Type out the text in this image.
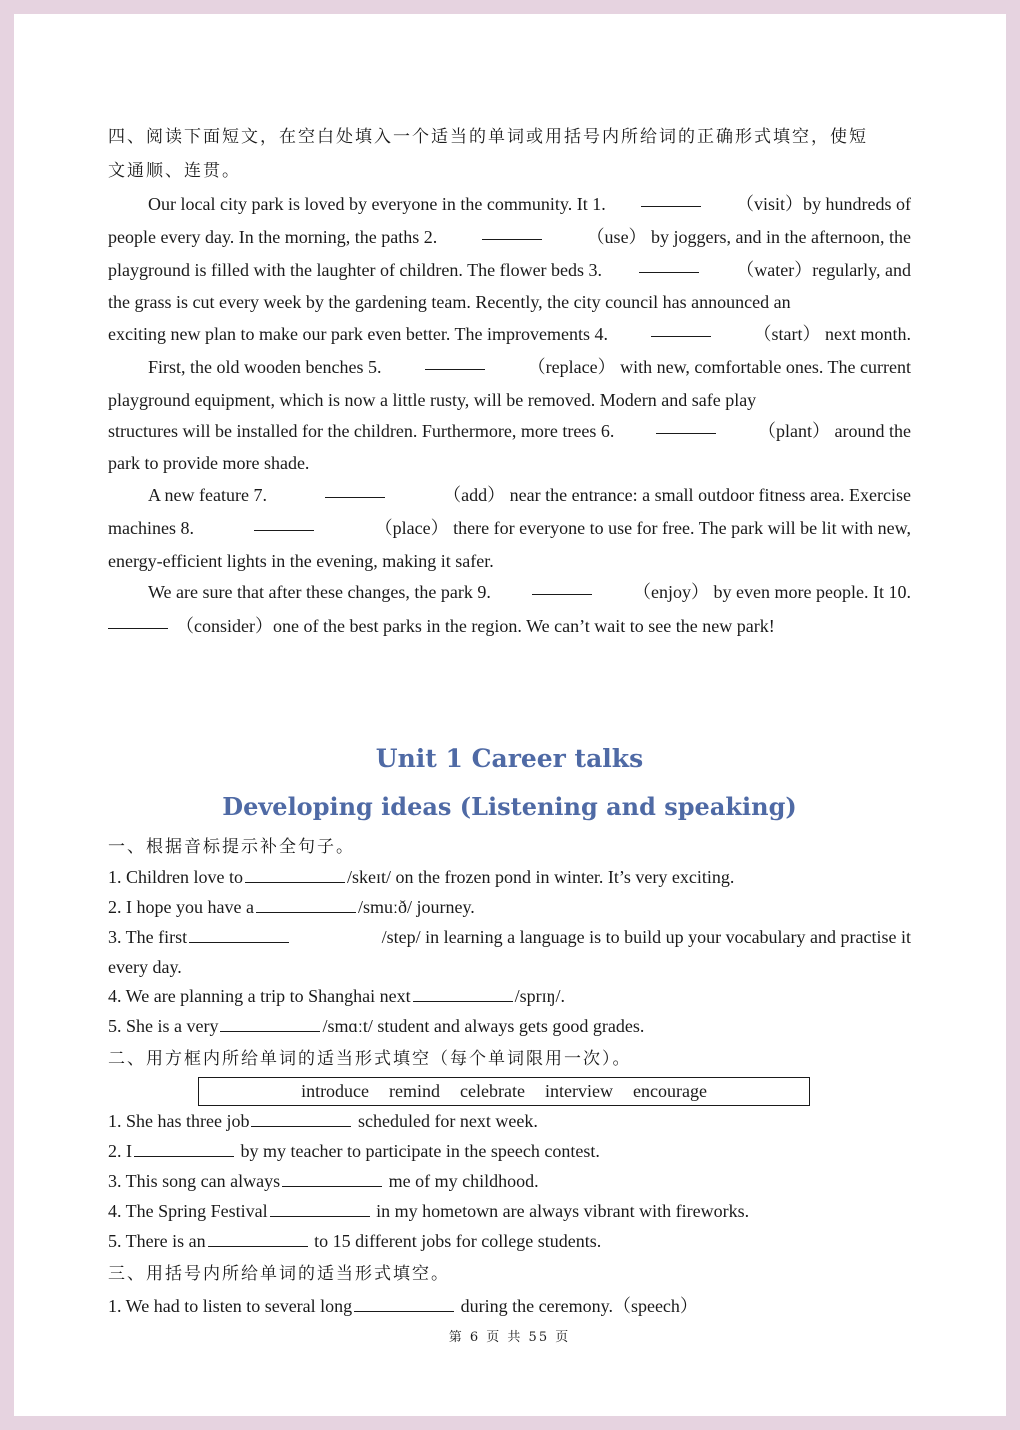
四、阅读下面短文，在空白处填入一个适当的单词或用括号内所给词的正确形式填空，使短
文通顺、连贯。
Our local city park is loved by everyone in the community. It 1.	（visit）by hundreds of
people every day. In the morning, the paths 2.	（use） by joggers, and in the afternoon, the
playground is filled with the laughter of children. The flower beds 3.	（water）regularly, and
the grass is cut every week by the gardening team. Recently, the city council has announced an
exciting new plan to make our park even better. The improvements 4.	（start） next month.
First, the old wooden benches 5.	（replace） with new, comfortable ones. The current
playground equipment, which is now a little rusty, will be removed. Modern and safe play
structures will be installed for the children. Furthermore, more trees 6.	（plant） around the
park to provide more shade.
A new feature 7.	（add） near the entrance: a small outdoor fitness area. Exercise
machines 8.	（place） there for everyone to use for free. The park will be lit with new,
energy-efficient lights in the evening, making it safer.
We are sure that after these changes, the park 9.	（enjoy） by even more people. It 10.
（consider）one of the best parks in the region. We can’t wait to see the new park!
Unit 1 Career talks
Developing ideas (Listening and speaking)
一、根据音标提示补全句子。
1. Children love to	/skeɪt/ on the frozen pond in winter. It’s very exciting.
2. I hope you have a	/smuːð/ journey.
3. The first	/step/ in learning a language is to build up your vocabulary and practise it
every day.
4. We are planning a trip to Shanghai next	/sprɪŋ/.
5. She is a very	/smɑːt/ student and always gets good grades.
二、用方框内所给单词的适当形式填空（每个单词限用一次）。
introduce remind celebrate interview encourage
1. She has three job	scheduled for next week.
2. I	by my teacher to participate in the speech contest.
3. This song can always	me of my childhood.
4. The Spring Festival	in my hometown are always vibrant with fireworks.
5. There is an	to 15 different jobs for college students.
三、用括号内所给单词的适当形式填空。
1. We had to listen to several long	during the ceremony.（speech）
第 6 页 共 55 页
